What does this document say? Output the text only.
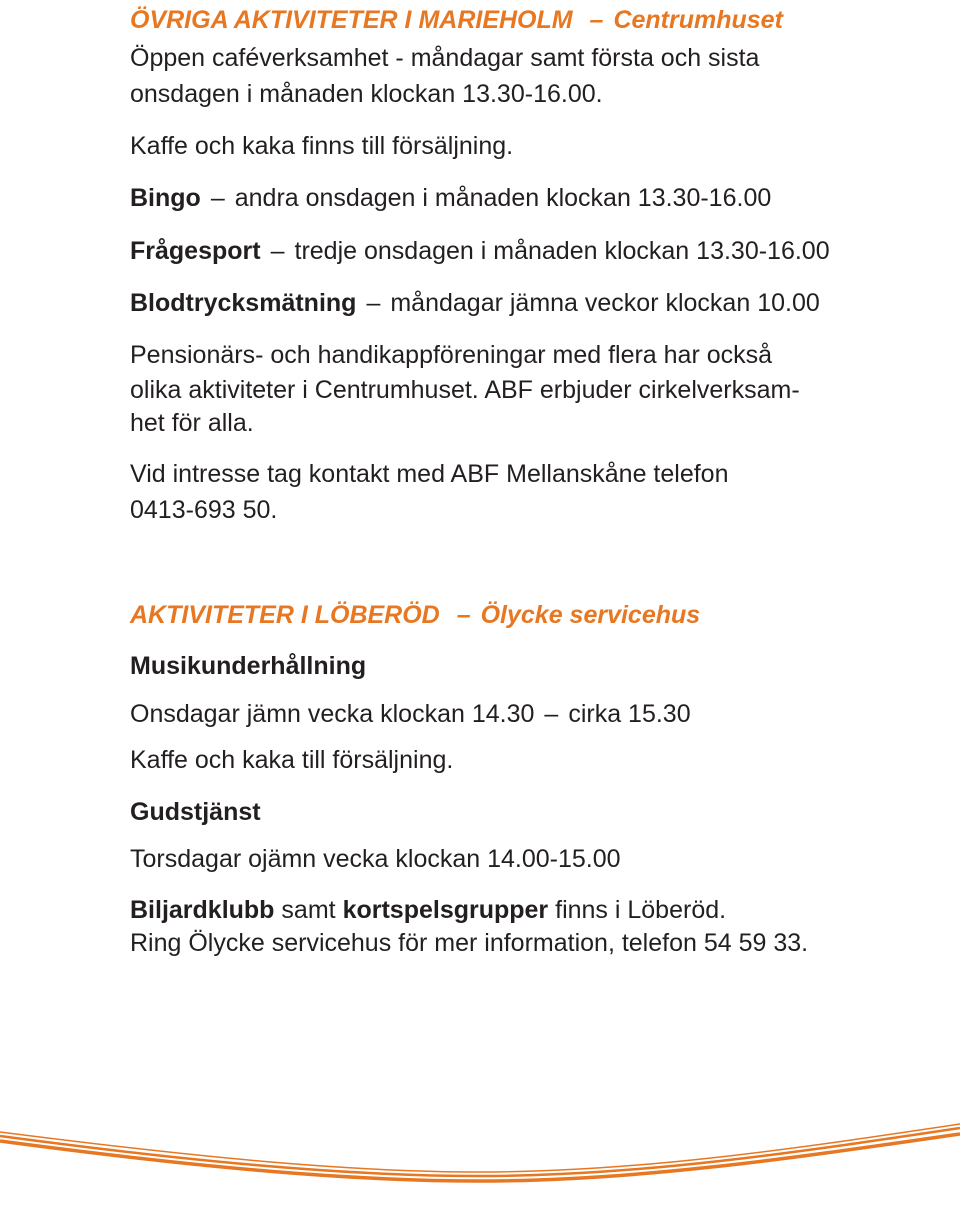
ÖVRIGA AKTIVITETER I MARIEHOLM – Centrumhuset
Öppen caféverksamhet - måndagar samt första och sista
onsdagen i månaden klockan 13.30-16.00.
Kaffe och kaka finns till försäljning.
Bingo – andra onsdagen i månaden klockan 13.30-16.00
Frågesport – tredje onsdagen i månaden klockan 13.30-16.00
Blodtrycksmätning – måndagar jämna veckor klockan 10.00
Pensionärs- och handikappföreningar med flera har också
olika aktiviteter i Centrumhuset. ABF erbjuder cirkelverksam-
het för alla.
Vid intresse tag kontakt med ABF Mellanskåne telefon
0413-693 50.
AKTIVITETER I LÖBERÖD – Ölycke servicehus
Musikunderhållning
Onsdagar jämn vecka klockan 14.30 – cirka 15.30
Kaffe och kaka till försäljning.
Gudstjänst
Torsdagar ojämn vecka klockan 14.00-15.00
Biljardklubb samt kortspelsgrupper finns i Löberöd.
Ring Ölycke servicehus för mer information, telefon 54 59 33.
